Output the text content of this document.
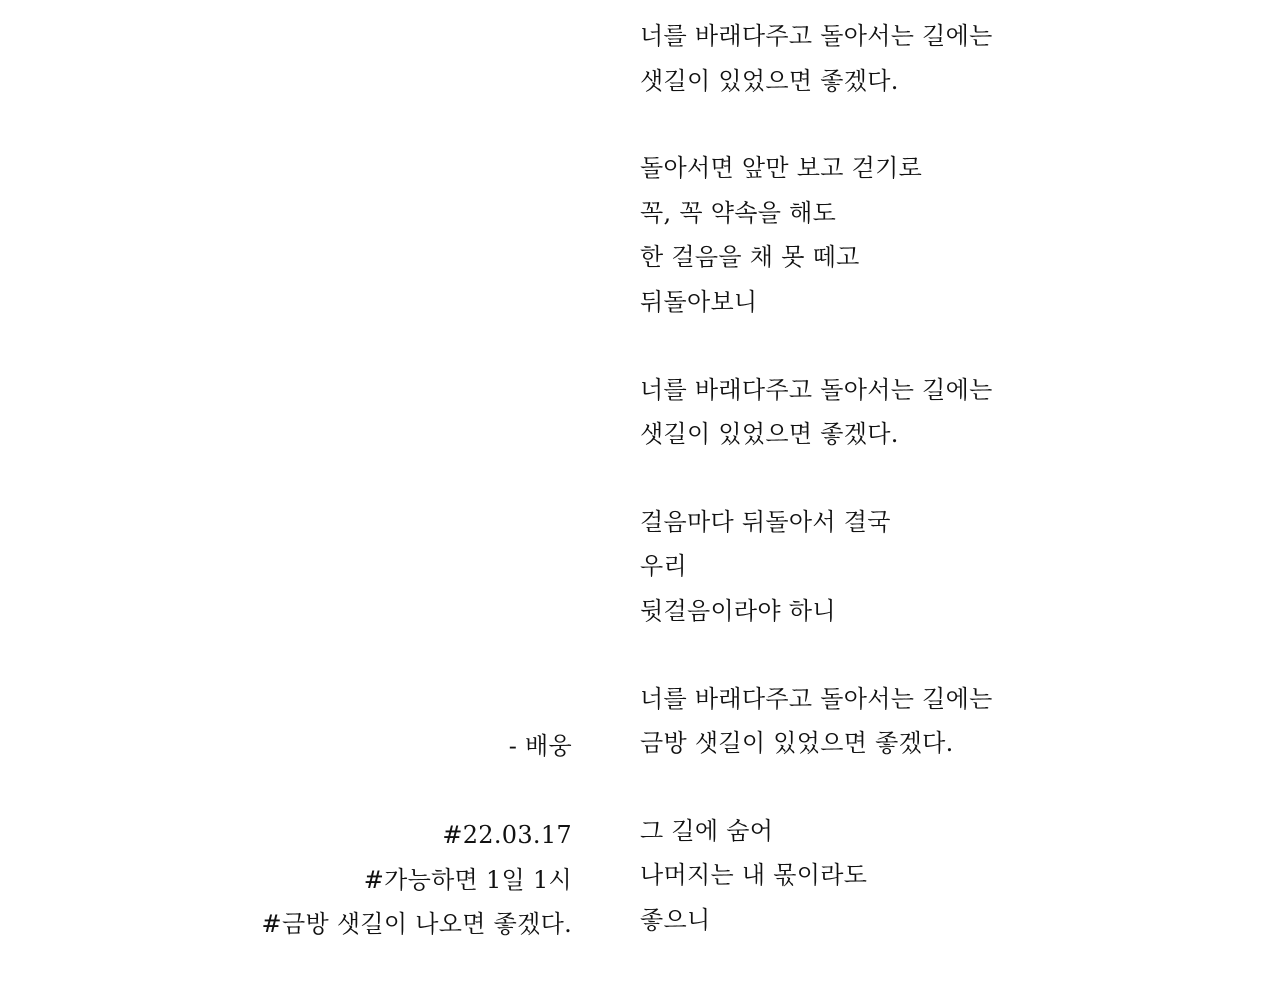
너를 바래다주고 돌아서는 길에는
샛길이 있었으면 좋겠다.
돌아서면 앞만 보고 걷기로
꼭, 꼭 약속을 해도
한 걸음을 채 못 떼고
뒤돌아보니
너를 바래다주고 돌아서는 길에는
샛길이 있었으면 좋겠다.
걸음마다 뒤돌아서 결국
우리
뒷걸음이라야 하니
너를 바래다주고 돌아서는 길에는
금방 샛길이 있었으면 좋겠다.
그 길에 숨어
나머지는 내 몫이라도
좋으니
- 배웅
#22.03.17
#가능하면 1일 1시
#금방 샛길이 나오면 좋겠다.
